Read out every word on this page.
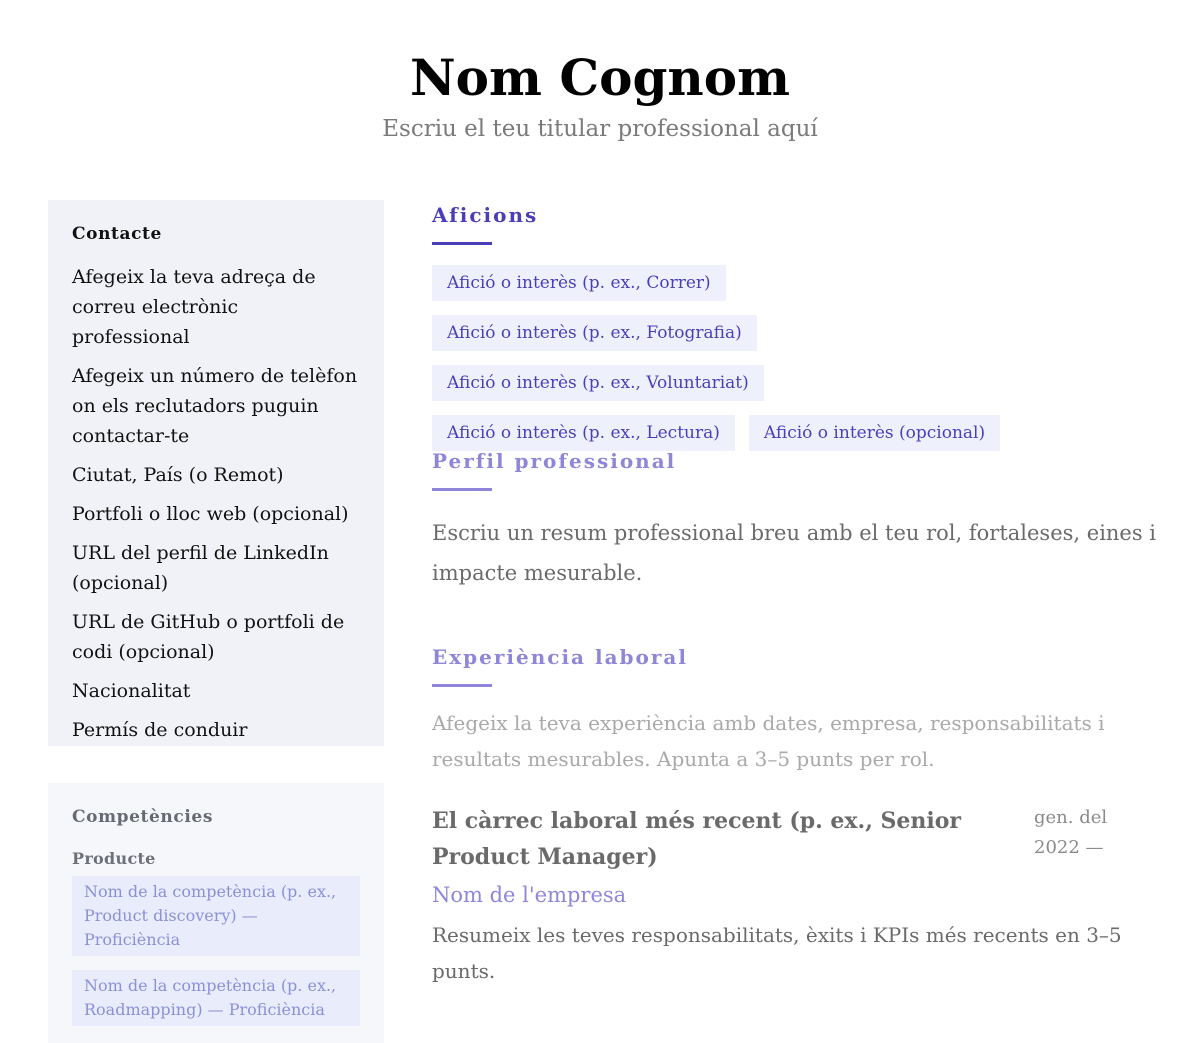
Nom Cognom
Escriu el teu titular professional aquí
Contacte
Afegeix la teva adreça de correu electrònic professional
Afegeix un número de telèfon on els reclutadors puguin contactar-te
Ciutat, País (o Remot)
Portfoli o lloc web (opcional)
URL del perfil de LinkedIn (opcional)
URL de GitHub o portfoli de codi (opcional)
Nacionalitat
Permís de conduir
Competències
Producte
Nom de la competència (p. ex., Product discovery) — Proficiència
Nom de la competència (p. ex., Roadmapping) — Proficiència
Aficions
Afició o interès (p. ex., Correr)
Afició o interès (p. ex., Fotografia)
Afició o interès (p. ex., Voluntariat)
Afició o interès (p. ex., Lectura)	Afició o interès (opcional)
Perfil professional

Escriu un resum professional breu amb el teu rol, fortaleses, eines i impacte mesurable.

Experiència laboral

Afegeix la teva experiència amb dates, empresa, responsabilitats i resultats mesurables. Apunta a 3–5 punts per rol.

El càrrec laboral més recent (p. ex., Senior Product Manager)
gen. del 2022 —
Nom de l'empresa
Resumeix les teves responsabilitats, èxits i KPIs més recents en 3–5 punts.
